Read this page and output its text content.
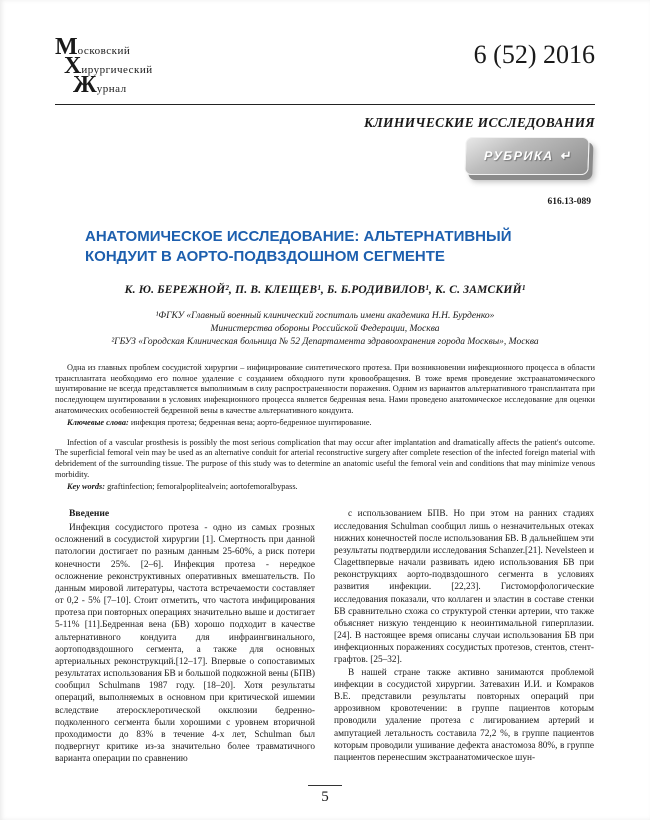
Московский
Хирургический
Журнал
6 (52) 2016
КЛИНИЧЕСКИЕ ИССЛЕДОВАНИЯ
РУБРИКА ↵
616.13-089
АНАТОМИЧЕСКОЕ ИССЛЕДОВАНИЕ: АЛЬТЕРНАТИВНЫЙ КОНДУИТ В АОРТО-ПОДВЗДОШНОМ СЕГМЕНТЕ
К. Ю. БЕРЕЖНОЙ², П. В. КЛЕЩЕВ¹, Б. Б.РОДИВИЛОВ¹, К. С. ЗАМСКИЙ¹
¹ФГКУ «Главный военный клинический госпиталь имени академика Н.Н. Бурденко»
Министерства обороны Российской Федерации, Москва
²ГБУЗ «Городская Клиническая больница № 52 Департамента здравоохранения города Москвы», Москва

Одна из главных проблем сосудистой хирургии – инфицирование синтетического протеза. При возникновении инфекционного процесса в области трансплантата необходимо его полное удаление с созданием обходного пути кровообращения. В тоже время проведение экстраанатомического шунтирование не всегда представляется выполнимым в силу распространенности поражения. Одним из вариантов альтернативного трансплантата при последующем шунтировании в условиях инфекционного процесса является бедренная вена. Нами проведено анатомическое исследование для оценки анатомических особенностей бедренной вены в качестве альтернативного кондуита.

Ключевые слова: инфекция протеза; бедренная вена; аорто-бедренное шунтирование.

Infection of a vascular prosthesis is possibly the most serious complication that may occur after implantation and dramatically affects the patient's outcome. The superficial femoral vein may be used as an alternative conduit for arterial reconstructive surgery after complete resection of the infected foreign material with debridement of the surrounding tissue. The purpose of this study was to determine an anatomic useful the femoral vein and conditions that may minimize venous morbidity.

Key words: graftinfection; femoralpoplitealvein; aortofemoralbypass.

Введение

Инфекция сосудистого протеза - одно из самых грозных осложнений в сосудистой хирургии [1]. Смертность при данной патологии достигает по разным данным 25-60%, а риск потери конечности 25%. [2–6]. Инфекция протеза - нередкое осложнение реконструктивных оперативных вмешательств. По данным мировой литературы, частота встречаемости составляет от 0,2 - 5% [7–10]. Стоит отметить, что частота инфицирования протеза при повторных операциях значительно выше и достигает 5-11% [11].Бедренная вена (БВ) хорошо подходит в качестве альтернативного кондуита для инфраингвинального, аортоподвздошного сегмента, а также для основных артериальных реконструкций.[12–17]. Впервые о сопоставимых результатах использования БВ и большой подкожной вены (БПВ) сообщил Schulmanв 1987 году. [18–20]. Хотя результаты операций, выполняемых в основном при критической ишемии вследствие атеросклеротической окклюзии бедренно-подколенного сегмента были хорошими с уровнем вторичной проходимости до 83% в течение 4-х лет, Schulman был подвергнут критике из-за значительно более травматичного варианта операции по сравнению

с использованием БПВ. Но при этом на ранних стадиях исследования Schulman сообщил лишь о незначительных отеках нижних конечностей после использования БВ. В дальнейшем эти результаты подтвердили исследования Schanzer.[21]. Nevelsteen и Clagettвпервые начали развивать идею использования БВ при реконструкциях аорто-подвздошного сегмента в условиях развития инфекции. [22,23]. Гистоморфологические исследования показали, что коллаген и эластин в составе стенки БВ сравнительно схожа со структурой стенки артерии, что также объясняет низкую тенденцию к неоинтимальной гиперплазии. [24]. В настоящее время описаны случаи использования БВ при инфекционных поражениях сосудистых протезов, стентов, стент-графтов. [25–32].

В нашей стране также активно занимаются проблемой инфекции в сосудистой хирургии. Затевахин И.И. и Комраков В.Е. представили результаты повторных операций при аррозивном кровотечении: в группе пациентов которым проводили удаление протеза с лигированием артерий и ампутацией летальность составила 72,2 %, в группе пациентов которым проводили ушивание дефекта анастомоза 80%, в группе пациентов перенесшим экстраанатомическое шун-

5
